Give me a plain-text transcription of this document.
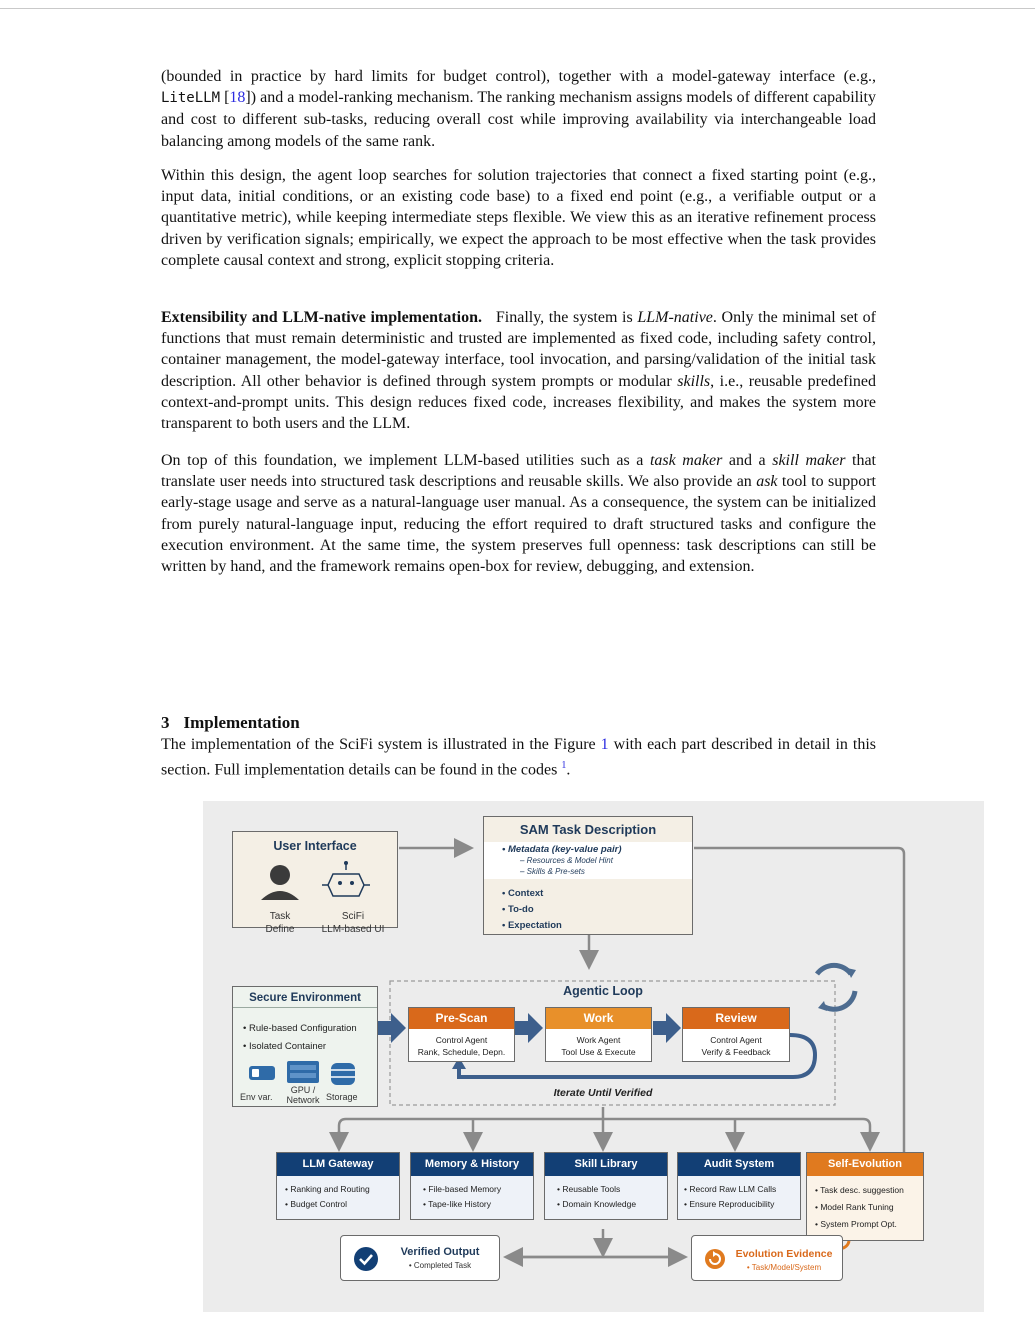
(bounded in practice by hard limits for budget control), together with a model-gateway interface (e.g., LiteLLM [18]) and a model-ranking mechanism. The ranking mechanism assigns models of different capability and cost to different sub-tasks, reducing overall cost while improving availability via interchangeable load balancing among models of the same rank.

Within this design, the agent loop searches for solution trajectories that connect a fixed starting point (e.g., input data, initial conditions, or an existing code base) to a fixed end point (e.g., a verifiable output or a quantitative metric), while keeping intermediate steps flexible. We view this as an iterative refinement process driven by verification signals; empirically, we expect the approach to be most effective when the task provides complete causal context and strong, explicit stopping criteria.

Extensibility and LLM-native implementation. Finally, the system is LLM-native. Only the minimal set of functions that must remain deterministic and trusted are implemented as fixed code, including safety control, container management, the model-gateway interface, tool invocation, and parsing/validation of the initial task description. All other behavior is defined through system prompts or modular skills, i.e., reusable predefined context-and-prompt units. This design reduces fixed code, increases flexibility, and makes the system more transparent to both users and the LLM.

On top of this foundation, we implement LLM-based utilities such as a task maker and a skill maker that translate user needs into structured task descriptions and reusable skills. We also provide an ask tool to support early-stage usage and serve as a natural-language user manual. As a consequence, the system can be initialized from purely natural-language input, reducing the effort required to draft structured tasks and configure the execution environment. At the same time, the system preserves full openness: task descriptions can still be written by hand, and the framework remains open-box for review, debugging, and extension.

3 Implementation

The implementation of the SciFi system is illustrated in the Figure 1 with each part described in detail in this section. Full implementation details can be found in the codes $^1$.

User Interface
Task
Define
SciFi
LLM-based UI
SAM Task Description
• Metadata (key-value pair)
– Resources & Model Hint
– Skills & Pre-sets
• Context
• To-do
• Expectation
Secure Environment
• Rule-based Configuration
• Isolated Container
Env var.
GPU /
Network Storage
Agentic Loop
Pre-Scan
Control Agent
Rank, Schedule, Depn.
Work
Work Agent
Tool Use & Execute
Review
Control Agent
Verify & Feedback
Iterate Until Verified
LLM Gateway
• Ranking and Routing
• Budget Control
Memory & History
• File-based Memory
• Tape-like History
Skill Library
• Reusable Tools
• Domain Knowledge
Audit System
• Record Raw LLM Calls
• Ensure Reproducibility
Self-Evolution
• Task desc. suggestion
• Model Rank Tuning
• System Prompt Opt.
Verified Output
• Completed Task
Evolution Evidence
• Task/Model/System
